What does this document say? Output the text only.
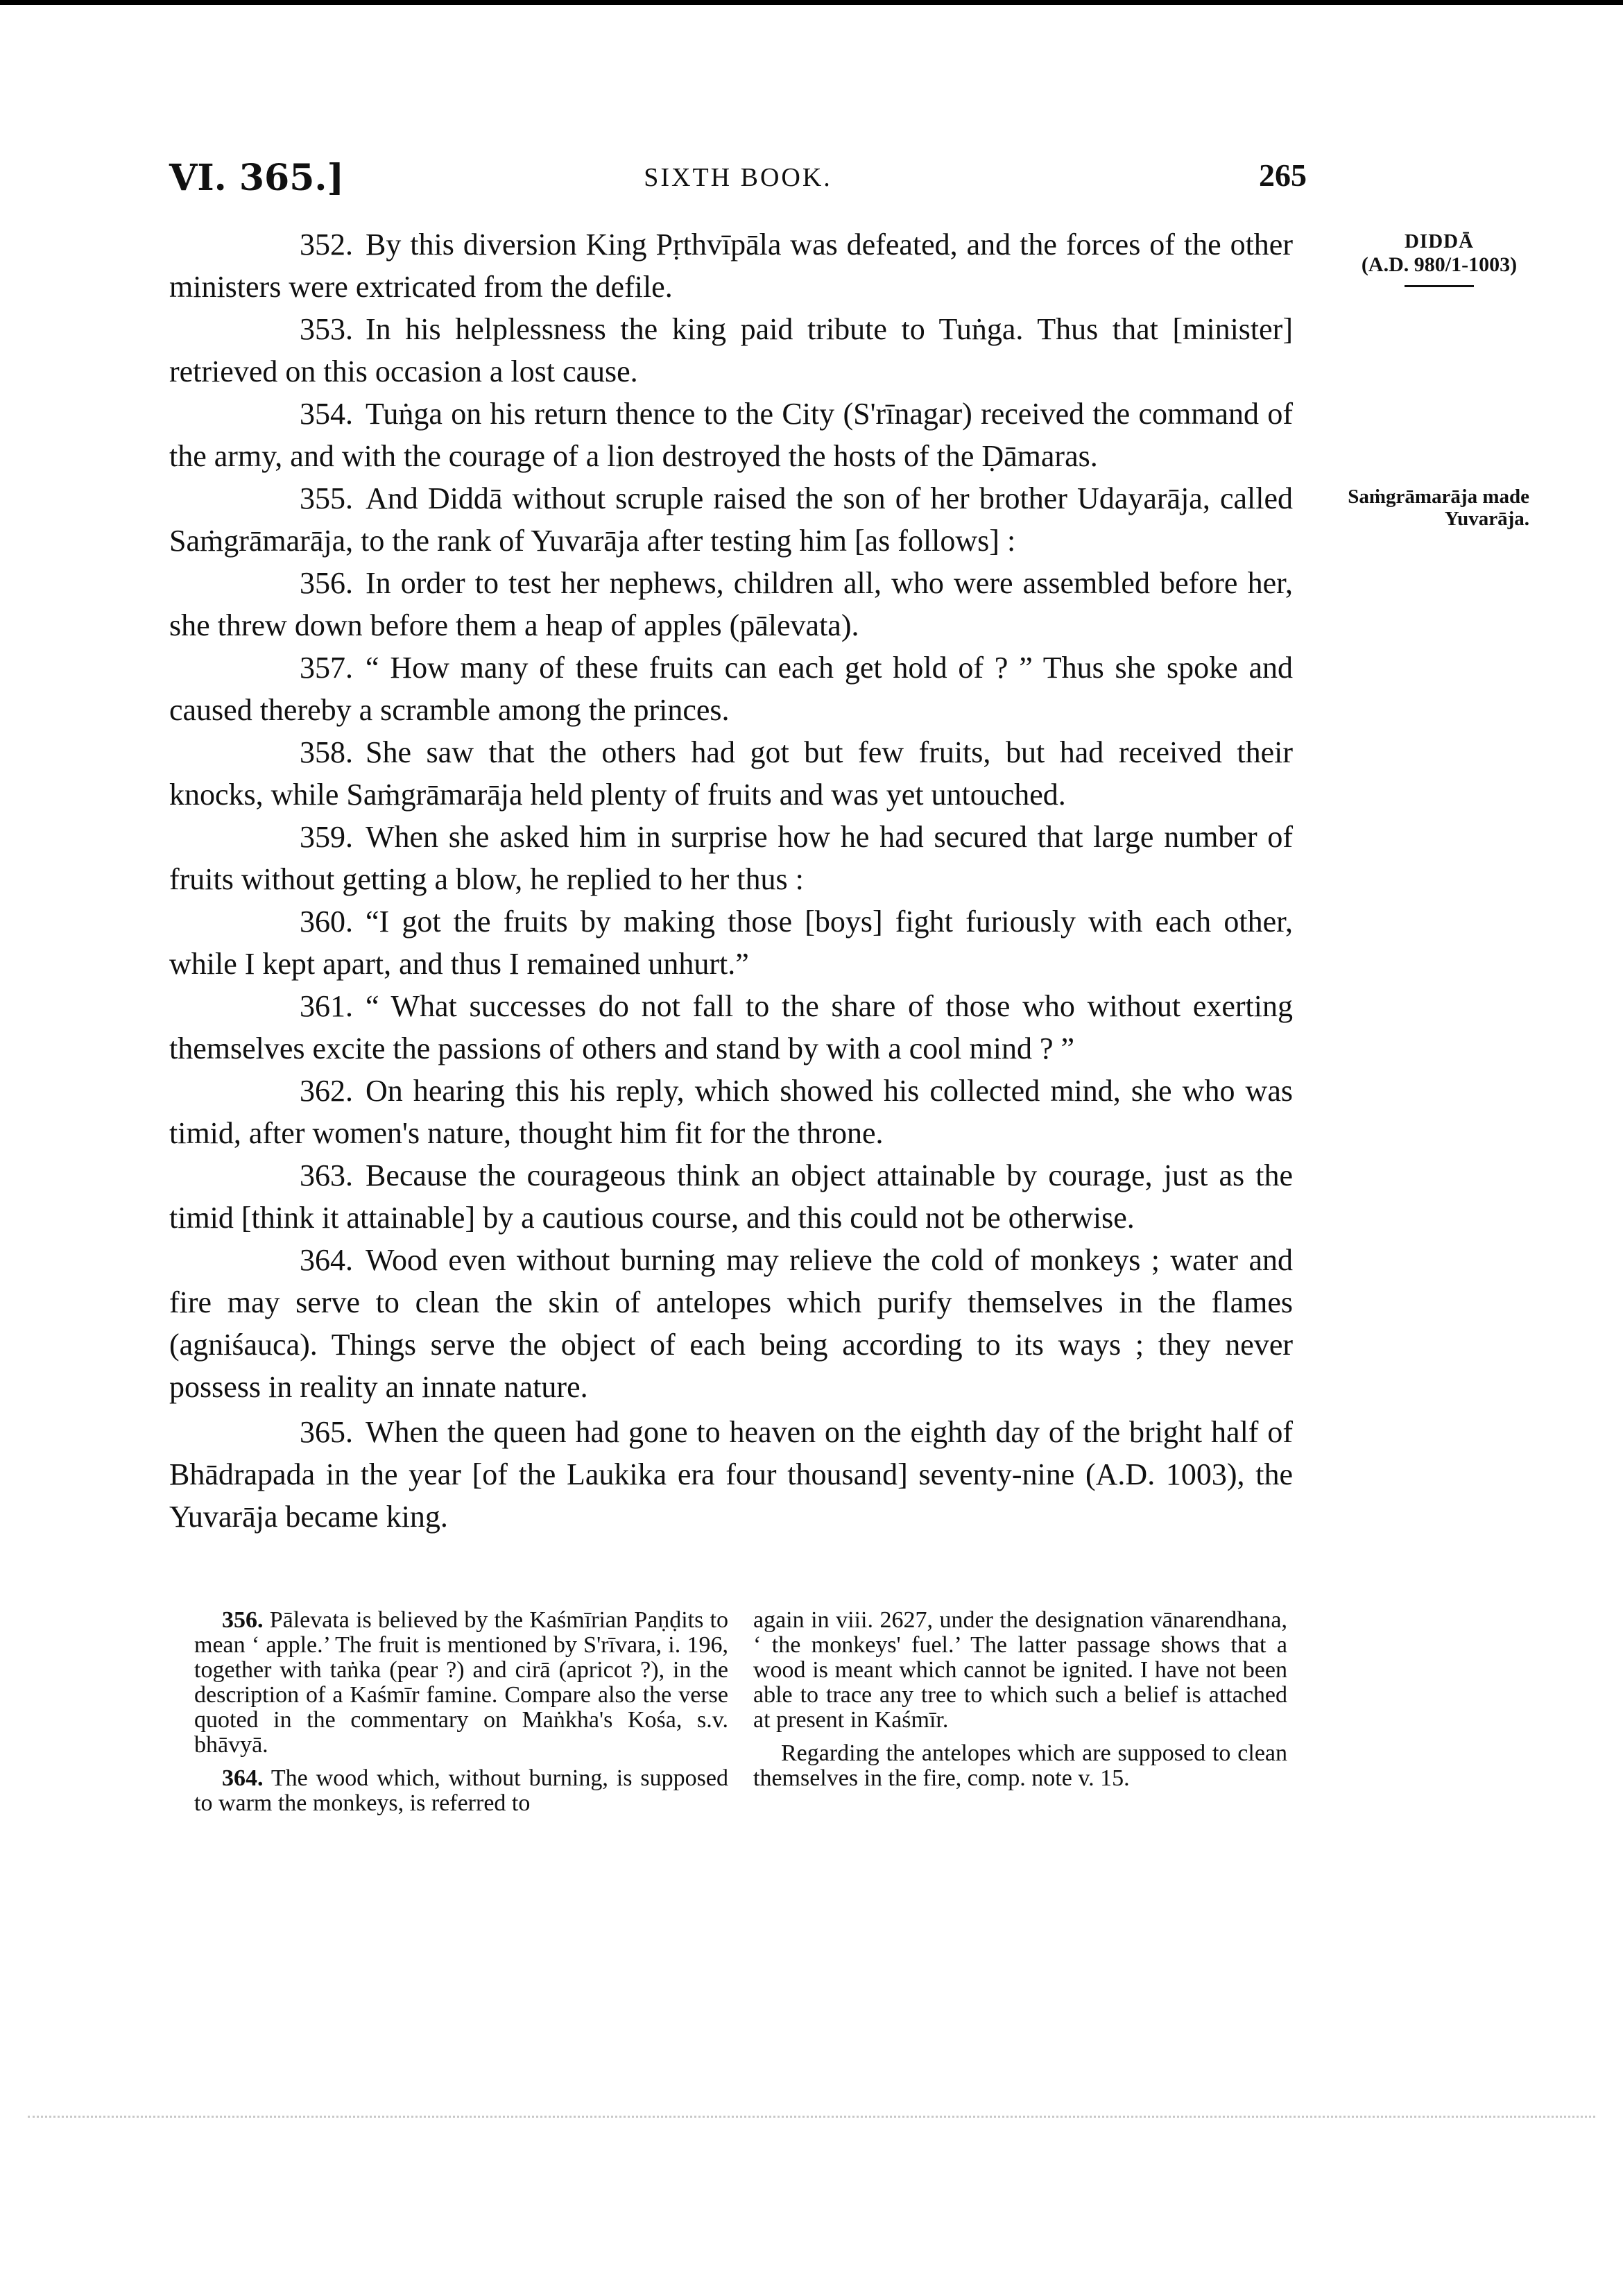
VI. 365.]	SIXTH BOOK.	265
DIDDĀ
(A.D. 980/1-1003)
Saṁgrāmarāja made Yuvarāja.

352. By this diversion King Pṛthvīpāla was defeated, and the forces of the other ministers were extricated from the defile.

353. In his helplessness the king paid tribute to Tuṅga. Thus that [minister] retrieved on this occasion a lost cause.

354. Tuṅga on his return thence to the City (S'rīnagar) received the command of the army, and with the courage of a lion destroyed the hosts of the Ḍāmaras.

355. And Diddā without scruple raised the son of her brother Udayarāja, called Saṁgrāmarāja, to the rank of Yuvarāja after testing him [as follows] :

356. In order to test her nephews, children all, who were assembled before her, she threw down before them a heap of apples (pālevata).

357. “ How many of these fruits can each get hold of ? ” Thus she spoke and caused thereby a scramble among the princes.

358. She saw that the others had got but few fruits, but had received their knocks, while Saṁgrāmarāja held plenty of fruits and was yet untouched.

359. When she asked him in surprise how he had secured that large number of fruits without getting a blow, he replied to her thus :

360. “I got the fruits by making those [boys] fight furiously with each other, while I kept apart, and thus I remained unhurt.”

361. “ What successes do not fall to the share of those who without exerting themselves excite the passions of others and stand by with a cool mind ? ”

362. On hearing this his reply, which showed his collected mind, she who was timid, after women's nature, thought him fit for the throne.

363. Because the courageous think an object attainable by courage, just as the timid [think it attainable] by a cautious course, and this could not be otherwise.

364. Wood even without burning may relieve the cold of monkeys ; water and fire may serve to clean the skin of antelopes which purify themselves in the flames (agniśauca). Things serve the object of each being according to its ways ; they never possess in reality an innate nature.

365. When the queen had gone to heaven on the eighth day of the bright half of Bhādrapada in the year [of the Laukika era four thousand] seventy-nine (A.D. 1003), the Yuvarāja became king.

356. Pālevata is believed by the Kaśmīrian Paṇḍits to mean ‘ apple.’ The fruit is mentioned by S'rīvara, i. 196, together with taṅka (pear ?) and cirā (apricot ?), in the description of a Kaśmīr famine. Compare also the verse quoted in the commentary on Maṅkha's Kośa, s.v. bhāvyā.

364. The wood which, without burning, is supposed to warm the monkeys, is referred to

again in viii. 2627, under the designation vānarendhana, ‘ the monkeys' fuel.’ The latter passage shows that a wood is meant which cannot be ignited. I have not been able to trace any tree to which such a belief is attached at present in Kaśmīr.

Regarding the antelopes which are supposed to clean themselves in the fire, comp. note v. 15.
